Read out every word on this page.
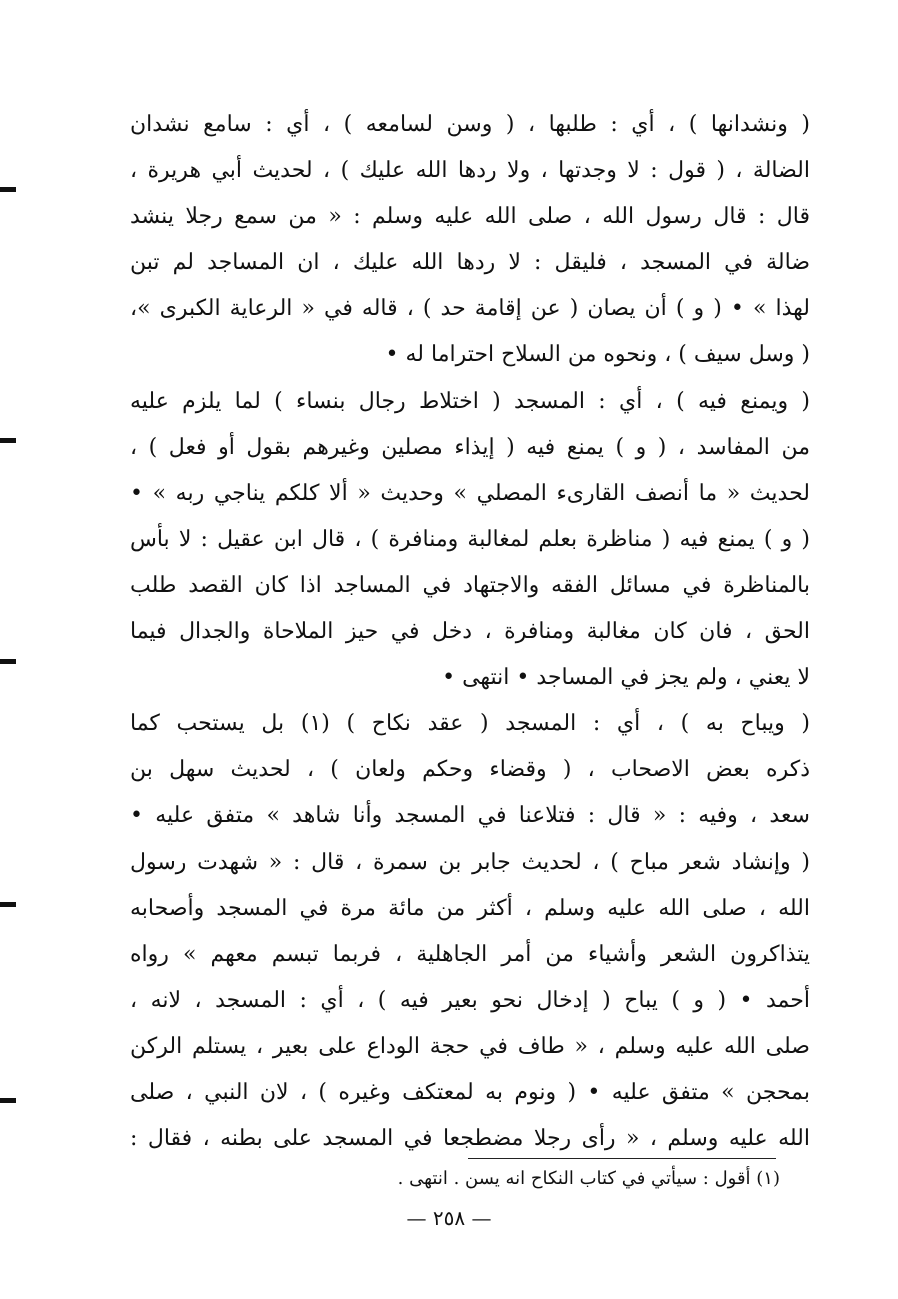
( ونشدانها ) ، أي : طلبها ، ( وسن لسامعه ) ، أي : سامع نشدان
الضالة ، ( قول : لا وجدتها ، ولا ردها الله عليك ) ، لحديث أبي هريرة ،
قال : قال رسول الله ، صلى الله عليه وسلم : « من سمع رجلا ينشد
ضالة في المسجد ، فليقل : لا ردها الله عليك ، ان المساجد لم تبن
لهذا » • ( و ) أن يصان ( عن إقامة حد ) ، قاله في « الرعاية الكبرى »،
( وسل سيف ) ، ونحوه من السلاح احتراما له •
( ويمنع فيه ) ، أي : المسجد ( اختلاط رجال بنساء ) لما يلزم عليه
من المفاسد ، ( و ) يمنع فيه ( إيذاء مصلين وغيرهم بقول أو فعل ) ،
لحديث « ما أنصف القارىء المصلي » وحديث « ألا كلكم يناجي ربه » •
( و ) يمنع فيه ( مناظرة بعلم لمغالبة ومنافرة ) ، قال ابن عقيل : لا بأس
بالمناظرة في مسائل الفقه والاجتهاد في المساجد اذا كان القصد طلب
الحق ، فان كان مغالبة ومنافرة ، دخل في حيز الملاحاة والجدال فيما
لا يعني ، ولم يجز في المساجد • انتهى •
( ويباح به ) ، أي : المسجد ( عقد نكاح ) (١) بل يستحب كما
ذكره بعض الاصحاب ، ( وقضاء وحكم ولعان ) ، لحديث سهل بن
سعد ، وفيه : « قال : فتلاعنا في المسجد وأنا شاهد » متفق عليه •
( وإنشاد شعر مباح ) ، لحديث جابر بن سمرة ، قال : « شهدت رسول
الله ، صلى الله عليه وسلم ، أكثر من مائة مرة في المسجد وأصحابه
يتذاكرون الشعر وأشياء من أمر الجاهلية ، فربما تبسم معهم » رواه
أحمد • ( و ) يباح ( إدخال نحو بعير فيه ) ، أي : المسجد ، لانه ،
صلى الله عليه وسلم ، « طاف في حجة الوداع على بعير ، يستلم الركن
بمحجن » متفق عليه • ( ونوم به لمعتكف وغيره ) ، لان النبي ، صلى
الله عليه وسلم ، « رأى رجلا مضطجعا في المسجد على بطنه ، فقال :
(١) أقول : سيأتي في كتاب النكاح انه يسن . انتهى .
— ٢٥٨ —
